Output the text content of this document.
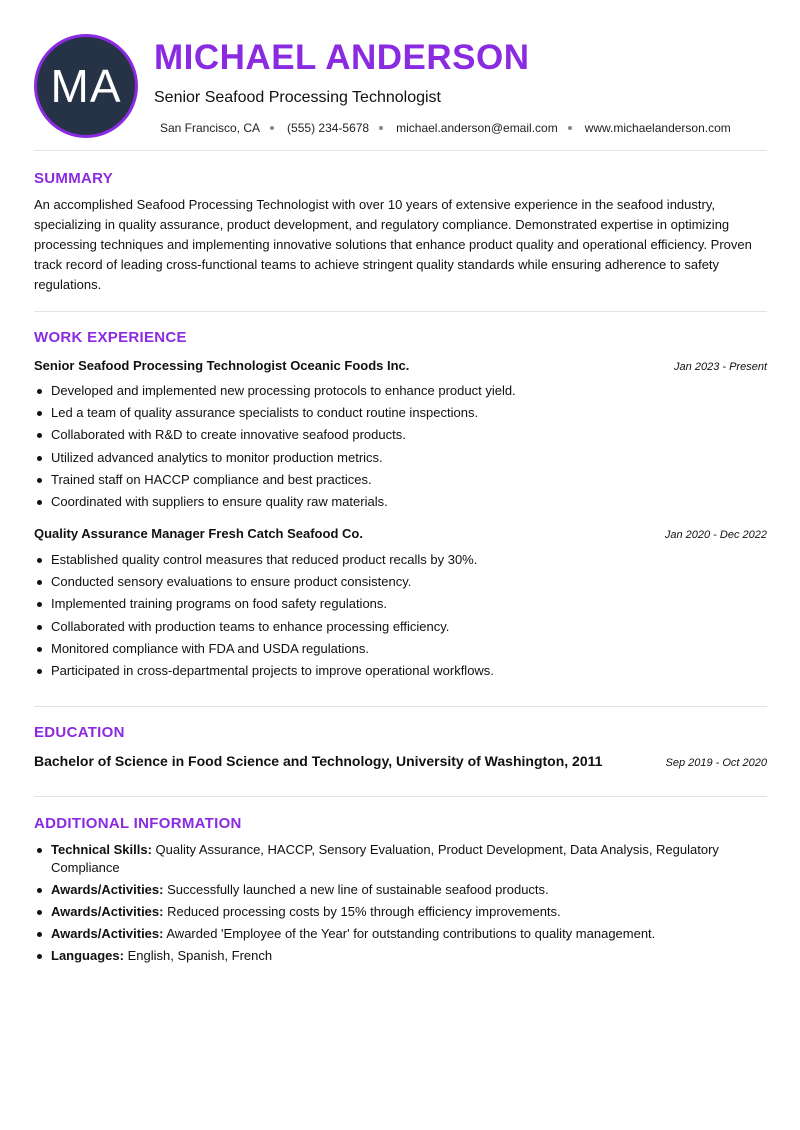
MA
MICHAEL ANDERSON
Senior Seafood Processing Technologist
San Francisco, CA (555) 234-5678 michael.anderson@email.com www.michaelanderson.com
SUMMARY
An accomplished Seafood Processing Technologist with over 10 years of extensive experience in the seafood industry, specializing in quality assurance, product development, and regulatory compliance. Demonstrated expertise in optimizing processing techniques and implementing innovative solutions that enhance product quality and operational efficiency. Proven track record of leading cross-functional teams to achieve stringent quality standards while ensuring adherence to safety regulations.
WORK EXPERIENCE
Senior Seafood Processing Technologist Oceanic Foods Inc.	Jan 2023 - Present
Developed and implemented new processing protocols to enhance product yield.
Led a team of quality assurance specialists to conduct routine inspections.
Collaborated with R&D to create innovative seafood products.
Utilized advanced analytics to monitor production metrics.
Trained staff on HACCP compliance and best practices.
Coordinated with suppliers to ensure quality raw materials.
Quality Assurance Manager Fresh Catch Seafood Co.	Jan 2020 - Dec 2022
Established quality control measures that reduced product recalls by 30%.
Conducted sensory evaluations to ensure product consistency.
Implemented training programs on food safety regulations.
Collaborated with production teams to enhance processing efficiency.
Monitored compliance with FDA and USDA regulations.
Participated in cross-departmental projects to improve operational workflows.
EDUCATION
Bachelor of Science in Food Science and Technology, University of Washington, 2011	Sep 2019 - Oct 2020
ADDITIONAL INFORMATION
Technical Skills: Quality Assurance, HACCP, Sensory Evaluation, Product Development, Data Analysis, Regulatory Compliance
Awards/Activities: Successfully launched a new line of sustainable seafood products.
Awards/Activities: Reduced processing costs by 15% through efficiency improvements.
Awards/Activities: Awarded 'Employee of the Year' for outstanding contributions to quality management.
Languages: English, Spanish, French
